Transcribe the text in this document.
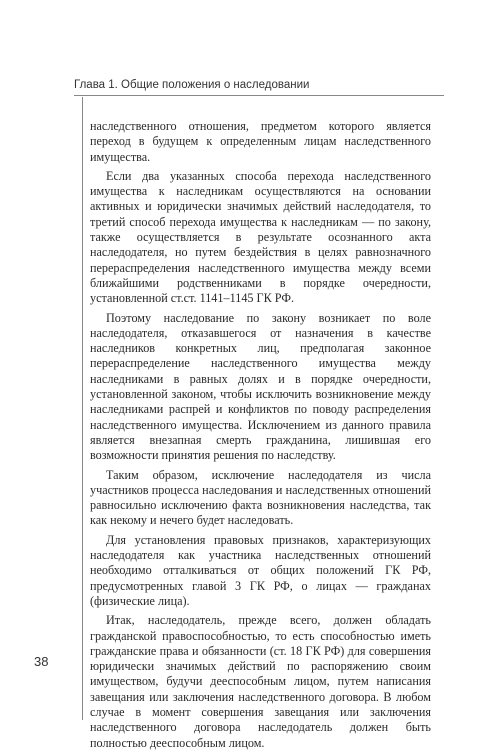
Глава 1. Общие положения о наследовании

наследственного отношения, предметом которого является переход в будущем к определенным лицам наследственного имущества.

Если два указанных способа перехода наследственного имущества к наследникам осуществляются на основании активных и юридически значимых действий наследодателя, то третий способ перехода имущества к наследникам — по закону, также осуществляется в результате осознанного акта наследодателя, но путем бездействия в целях равнозначного перераспределения наследственного имущества между всеми ближайшими родственниками в порядке очередности, установленной ст.ст. 1141–1145 ГК РФ.

Поэтому наследование по закону возникает по воле наследодателя, отказавшегося от назначения в качестве наследников конкретных лиц, предполагая законное перераспределение наследственного имущества между наследниками в равных долях и в порядке очередности, установленной законом, чтобы исключить возникновение между наследниками распрей и конфликтов по поводу распределения наследственного имущества. Исключением из данного правила является внезапная смерть гражданина, лишившая его возможности принятия решения по наследству.

Таким образом, исключение наследодателя из числа участников процесса наследования и наследственных отношений равносильно исключению факта возникновения наследства, так как некому и нечего будет наследовать.

Для установления правовых признаков, характеризующих наследодателя как участника наследственных отношений необходимо отталкиваться от общих положений ГК РФ, предусмотренных главой 3 ГК РФ, о лицах — гражданах (физические лица).

Итак, наследодатель, прежде всего, должен обладать гражданской правоспособностью, то есть способностью иметь гражданские права и обязанности (ст. 18 ГК РФ) для совершения юридически значимых действий по распоряжению своим имуществом, будучи дееспособным лицом, путем написания завещания или заключения наследственного договора. В любом случае в момент совершения завещания или заключения наследственного договора наследодатель должен быть полностью дееспособным лицом.

38
